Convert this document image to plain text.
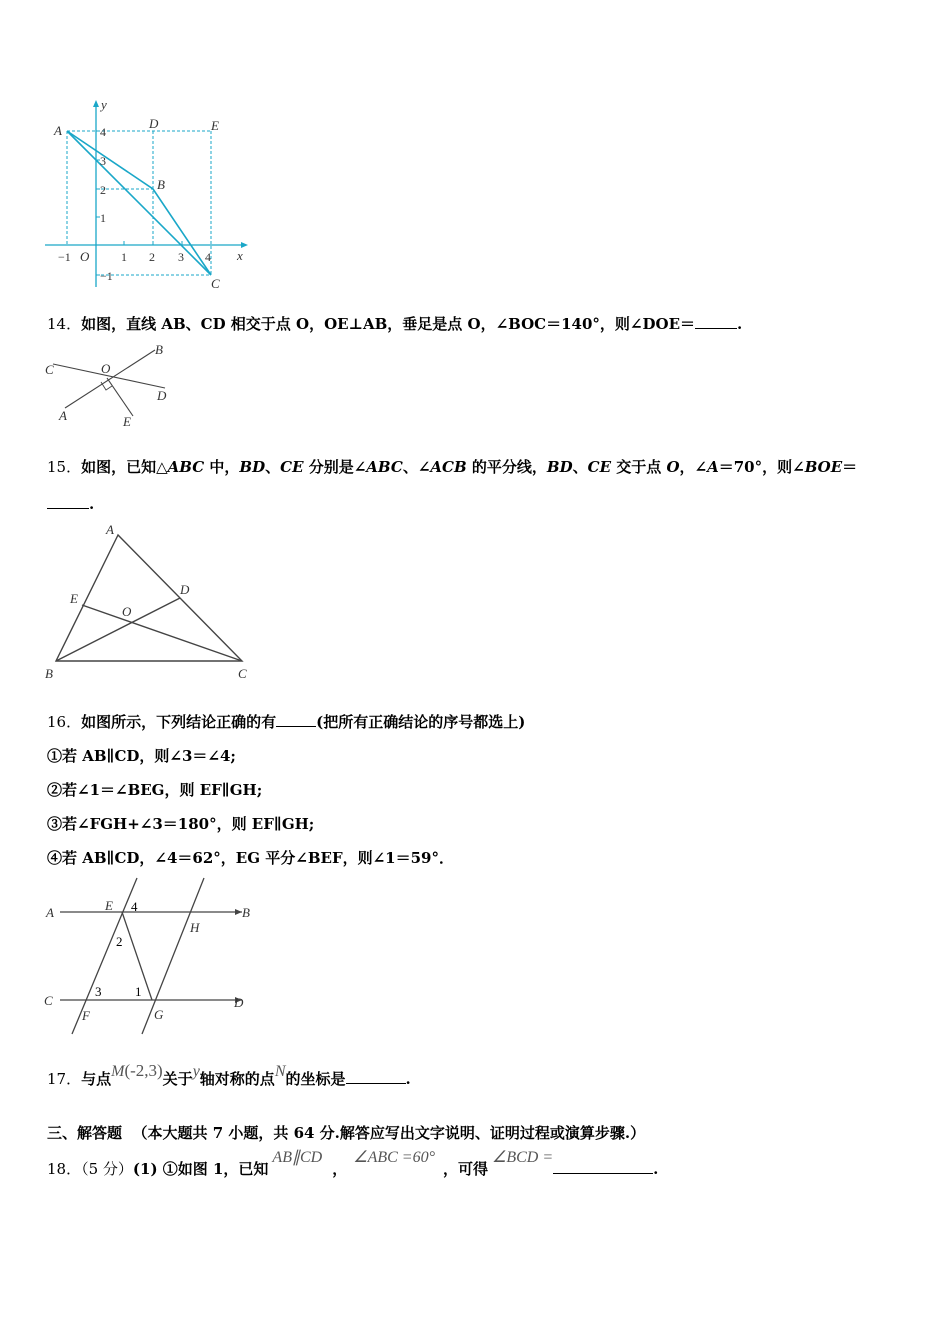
y
x
A	D	E
B
C
O
4
3
2
1
−1
−1	1 2 3 4
14．如图，直线 AB、CD 相交于点 O，OE⊥AB，垂足是点 O，∠BOC＝140°，则∠DOE＝	.
C
B
D
A	E
O
15．如图，已知△ABC 中，BD、CE 分别是∠ABC、∠ACB 的平分线，BD、CE 交于点 O，∠A＝70°，则∠BOE＝
.
A
B	C
D
E
O
16．如图所示，下列结论正确的有	(把所有正确结论的序号都选上)
①若 AB∥CD，则∠3＝∠4;
②若∠1＝∠BEG，则 EF∥GH;
③若∠FGH+∠3＝180°，则 EF∥GH;
④若 AB∥CD，∠4＝62°，EG 平分∠BEF，则∠1＝59°．
A	B
C	D
E
F	G
H
2
4
3	1
17．与点M(-2,3)关于y轴对称的点N的坐标是	.
三、解答题 （本大题共 7 小题，共 64 分.解答应写出文字说明、证明过程或演算步骤.）
18．（5 分）(1) ①如图 1，已知AB∥CD，∠ABC =60°，可得∠BCD =.
